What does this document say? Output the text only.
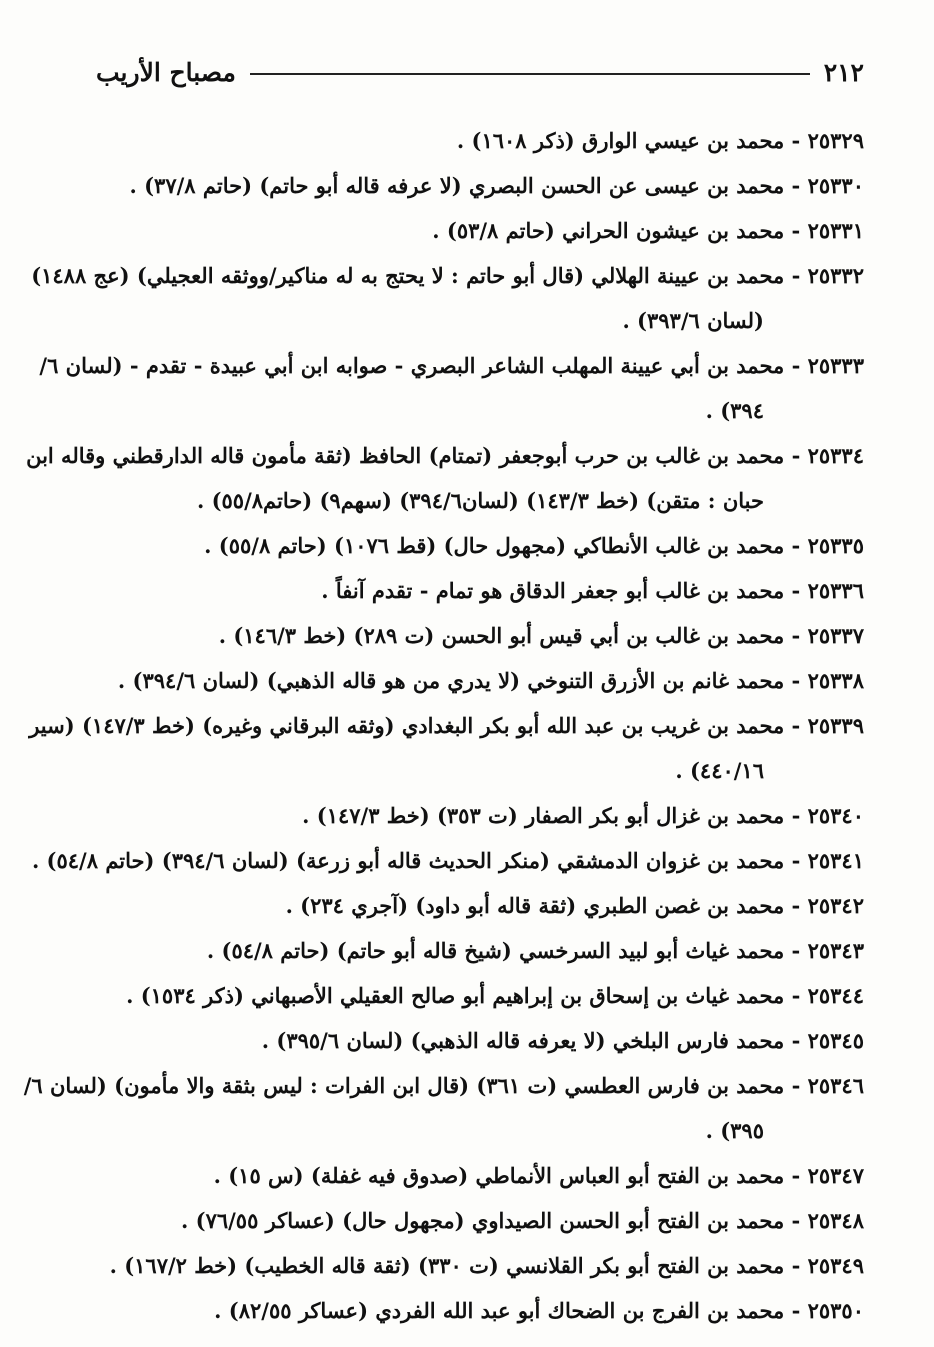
٢١٢
مصباح الأريب
٢٥٣٢٩ - محمد بن عيسي الوارق (ذكر ١٦٠٨) .
٢٥٣٣٠ - محمد بن عيسى عن الحسن البصري (لا عرفه قاله أبو حاتم) (حاتم ٣٧/٨) .
٢٥٣٣١ - محمد بن عيشون الحراني (حاتم ٥٣/٨) .
٢٥٣٣٢ - محمد بن عيينة الهلالي (قال أبو حاتم : لا يحتج به له مناكير/ووثقه العجيلي) (عج ١٤٨٨)
(لسان ٣٩٣/٦) .
٢٥٣٣٣ - محمد بن أبي عيينة المهلب الشاعر البصري - صوابه ابن أبي عبيدة - تقدم - (لسان ٦/
٣٩٤) .
٢٥٣٣٤ - محمد بن غالب بن حرب أبوجعفر (تمتام) الحافظ (ثقة مأمون قاله الدارقطني وقاله ابن
حبان : متقن) (خط ١٤٣/٣) (لسان٣٩٤/٦) (سهم٩) (حاتم٥٥/٨) .
٢٥٣٣٥ - محمد بن غالب الأنطاكي (مجهول حال) (قط ١٠٧٦) (حاتم ٥٥/٨) .
٢٥٣٣٦ - محمد بن غالب أبو جعفر الدقاق هو تمام - تقدم آنفاً .
٢٥٣٣٧ - محمد بن غالب بن أبي قيس أبو الحسن (ت ٢٨٩) (خط ١٤٦/٣) .
٢٥٣٣٨ - محمد غانم بن الأزرق التنوخي (لا يدري من هو قاله الذهبي) (لسان ٣٩٤/٦) .
٢٥٣٣٩ - محمد بن غريب بن عبد الله أبو بكر البغدادي (وثقه البرقاني وغيره) (خط ١٤٧/٣) (سير
٤٤٠/١٦) .
٢٥٣٤٠ - محمد بن غزال أبو بكر الصفار (ت ٣٥٣) (خط ١٤٧/٣) .
٢٥٣٤١ - محمد بن غزوان الدمشقي (منكر الحديث قاله أبو زرعة) (لسان ٣٩٤/٦) (حاتم ٥٤/٨) .
٢٥٣٤٢ - محمد بن غصن الطبري (ثقة قاله أبو داود) (آجري ٢٣٤) .
٢٥٣٤٣ - محمد غياث أبو لبيد السرخسي (شيخ قاله أبو حاتم) (حاتم ٥٤/٨) .
٢٥٣٤٤ - محمد غياث بن إسحاق بن إبراهيم أبو صالح العقيلي الأصبهاني (ذكر ١٥٣٤) .
٢٥٣٤٥ - محمد فارس البلخي (لا يعرفه قاله الذهبي) (لسان ٣٩٥/٦) .
٢٥٣٤٦ - محمد بن فارس العطسي (ت ٣٦١) (قال ابن الفرات : ليس بثقة والا مأمون) (لسان ٦/
٣٩٥) .
٢٥٣٤٧ - محمد بن الفتح أبو العباس الأنماطي (صدوق فيه غفلة) (س ١٥) .
٢٥٣٤٨ - محمد بن الفتح أبو الحسن الصيداوي (مجهول حال) (عساكر ٧٦/٥٥) .
٢٥٣٤٩ - محمد بن الفتح أبو بكر القلانسي (ت ٣٣٠) (ثقة قاله الخطيب) (خط ١٦٧/٢) .
٢٥٣٥٠ - محمد بن الفرج بن الضحاك أبو عبد الله الفردي (عساكر ٨٢/٥٥) .
